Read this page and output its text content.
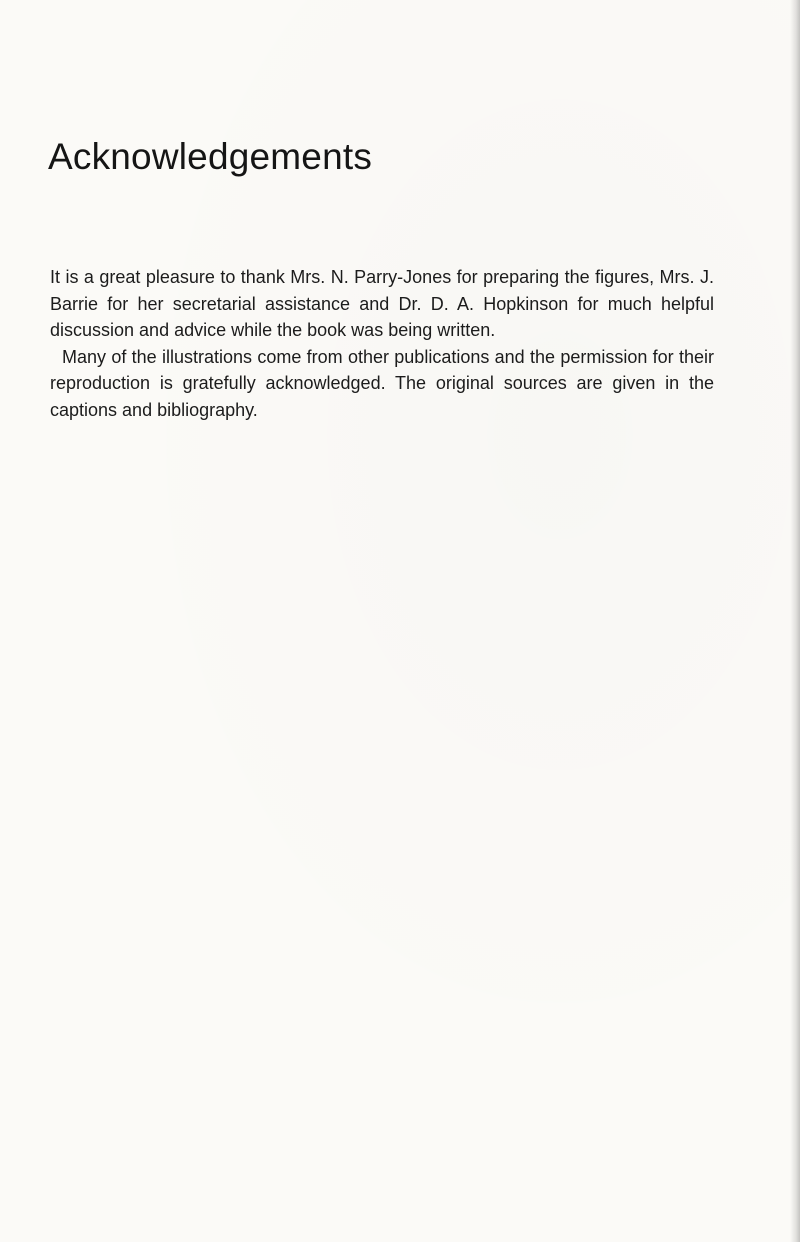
Acknowledgements

It is a great pleasure to thank Mrs. N. Parry-Jones for preparing the figures, Mrs. J. Barrie for her secretarial assistance and Dr. D. A. Hopkinson for much helpful discussion and advice while the book was being written.

Many of the illustrations come from other publications and the permission for their reproduction is gratefully acknowledged. The original sources are given in the captions and bibliography.
